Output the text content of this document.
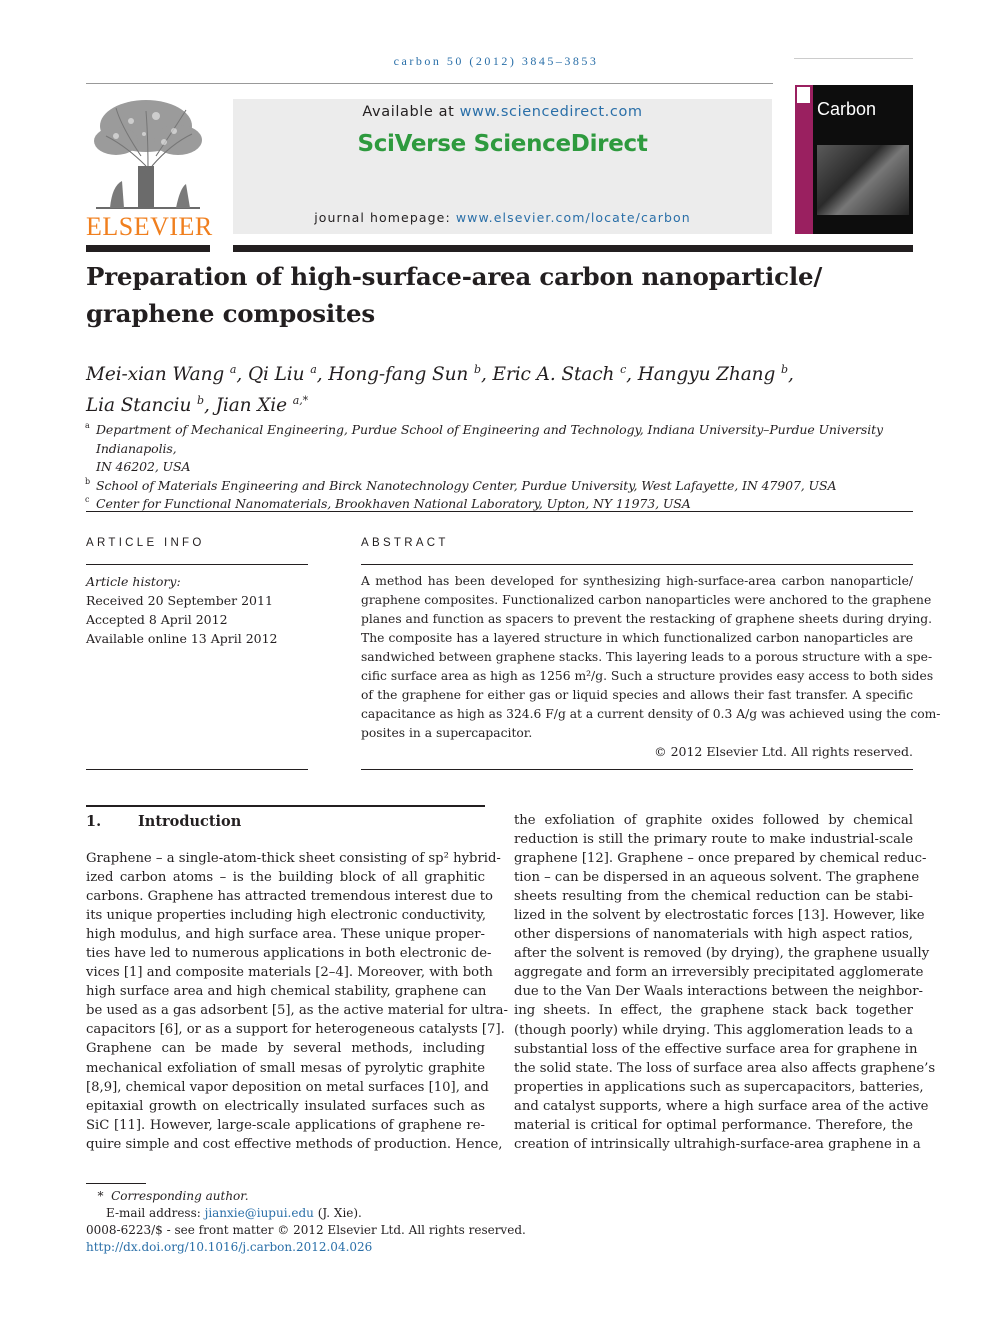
carbon 50 (2012) 3845–3853
ELSEVIER
Available at www.sciencedirect.com
SciVerse ScienceDirect
journal homepage: www.elsevier.com/locate/carbon
Carbon
Preparation of high-surface-area carbon nanoparticle/
graphene composites
Mei-xian Wang $^a$, Qi Liu $^a$, Hong-fang Sun $^b$, Eric A. Stach $^c$, Hangyu Zhang $^b$,
Lia Stanciu $^b$, Jian Xie $^{a,*}$
a Department of Mechanical Engineering, Purdue School of Engineering and Technology, Indiana University–Purdue University Indianapolis,
IN 46202, USA
b School of Materials Engineering and Birck Nanotechnology Center, Purdue University, West Lafayette, IN 47907, USA
c Center for Functional Nanomaterials, Brookhaven National Laboratory, Upton, NY 11973, USA
ARTICLE INFO
Article history:
Received 20 September 2011
Accepted 8 April 2012
Available online 13 April 2012
ABSTRACT
A method has been developed for synthesizing high-surface-area carbon nanoparticle/
graphene composites. Functionalized carbon nanoparticles were anchored to the graphene
planes and function as spacers to prevent the restacking of graphene sheets during drying.
The composite has a layered structure in which functionalized carbon nanoparticles are
sandwiched between graphene stacks. This layering leads to a porous structure with a spe-
cific surface area as high as 1256 m²/g. Such a structure provides easy access to both sides
of the graphene for either gas or liquid species and allows their fast transfer. A specific
capacitance as high as 324.6 F/g at a current density of 0.3 A/g was achieved using the com-
posites in a supercapacitor.
© 2012 Elsevier Ltd. All rights reserved.
1.	Introduction
Graphene – a single-atom-thick sheet consisting of sp² hybrid-
ized carbon atoms – is the building block of all graphitic
carbons. Graphene has attracted tremendous interest due to
its unique properties including high electronic conductivity,
high modulus, and high surface area. These unique proper-
ties have led to numerous applications in both electronic de-
vices [1] and composite materials [2–4]. Moreover, with both
high surface area and high chemical stability, graphene can
be used as a gas adsorbent [5], as the active material for ultra-
capacitors [6], or as a support for heterogeneous catalysts [7].
Graphene can be made by several methods, including
mechanical exfoliation of small mesas of pyrolytic graphite
[8,9], chemical vapor deposition on metal surfaces [10], and
epitaxial growth on electrically insulated surfaces such as
SiC [11]. However, large-scale applications of graphene re-
quire simple and cost effective methods of production. Hence,
the exfoliation of graphite oxides followed by chemical
reduction is still the primary route to make industrial-scale
graphene [12]. Graphene – once prepared by chemical reduc-
tion – can be dispersed in an aqueous solvent. The graphene
sheets resulting from the chemical reduction can be stabi-
lized in the solvent by electrostatic forces [13]. However, like
other dispersions of nanomaterials with high aspect ratios,
after the solvent is removed (by drying), the graphene usually
aggregate and form an irreversibly precipitated agglomerate
due to the Van Der Waals interactions between the neighbor-
ing sheets. In effect, the graphene stack back together
(though poorly) while drying. This agglomeration leads to a
substantial loss of the effective surface area for graphene in
the solid state. The loss of surface area also affects graphene’s
properties in applications such as supercapacitors, batteries,
and catalyst supports, where a high surface area of the active
material is critical for optimal performance. Therefore, the
creation of intrinsically ultrahigh-surface-area graphene in a
* Corresponding author.
E-mail address: jianxie@iupui.edu (J. Xie).
0008-6223/$ - see front matter © 2012 Elsevier Ltd. All rights reserved.
http://dx.doi.org/10.1016/j.carbon.2012.04.026
